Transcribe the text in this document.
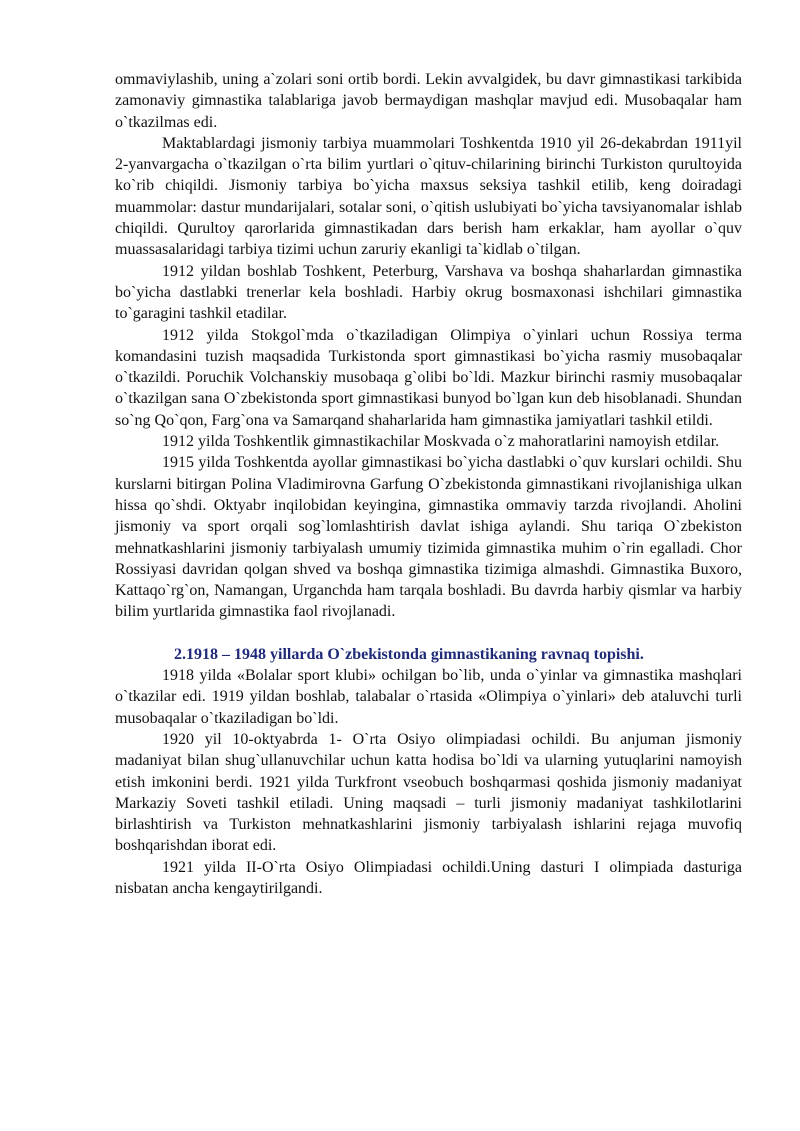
ommaviylashib, uning a`zolari soni ortib bordi. Lekin avvalgidek, bu davr gimnastikasi tarkibida zamonaviy gimnastika talablariga javob bermaydigan mashqlar mavjud edi. Musobaqalar ham o`tkazilmas edi.

Maktablardagi jismoniy tarbiya muammolari Toshkentda 1910 yil 26-dekabrdan 1911yil 2-yanvargacha o`tkazilgan o`rta bilim yurtlari o`qituv-chilarining birinchi Turkiston qurultoyida ko`rib chiqildi. Jismoniy tarbiya bo`yicha maxsus seksiya tashkil etilib, keng doiradagi muammolar: dastur mundarijalari, sotalar soni, o`qitish uslubiyati bo`yicha tavsiyanomalar ishlab chiqildi. Qurultoy qarorlarida gimnastikadan dars berish ham erkaklar, ham ayollar o`quv muassasalaridagi tarbiya tizimi uchun zaruriy ekanligi ta`kidlab o`tilgan.

1912 yildan boshlab Toshkent, Peterburg, Varshava va boshqa shaharlardan gimnastika bo`yicha dastlabki trenerlar kela boshladi. Harbiy okrug bosmaxonasi ishchilari gimnastika to`garagini tashkil etadilar.

1912 yilda Stokgol`mda o`tkaziladigan Olimpiya o`yinlari uchun Rossiya terma komandasini tuzish maqsadida Turkistonda sport gimnastikasi bo`yicha rasmiy musobaqalar o`tkazildi. Poruchik Volchanskiy musobaqa g`olibi bo`ldi. Mazkur birinchi rasmiy musobaqalar o`tkazilgan sana O`zbekistonda sport gimnastikasi bunyod bo`lgan kun deb hisoblanadi. Shundan so`ng Qo`qon, Farg`ona va Samarqand shaharlarida ham gimnastika jamiyatlari tashkil etildi.

1912 yilda Toshkentlik gimnastikachilar Moskvada o`z mahoratlarini namoyish etdilar.

1915 yilda Toshkentda ayollar gimnastikasi bo`yicha dastlabki o`quv kurslari ochildi. Shu kurslarni bitirgan Polina Vladimirovna Garfung O`zbekistonda gimnastikani rivojlanishiga ulkan hissa qo`shdi. Oktyabr inqilobidan keyingina, gimnastika ommaviy tarzda rivojlandi. Aholini jismoniy va sport orqali sog`lomlashtirish davlat ishiga aylandi. Shu tariqa O`zbekiston mehnatkashlarini jismoniy tarbiyalash umumiy tizimida gimnastika muhim o`rin egalladi. Chor Rossiyasi davridan qolgan shved va boshqa gimnastika tizimiga almashdi. Gimnastika Buxoro, Kattaqo`rg`on, Namangan, Urganchda ham tarqala boshladi. Bu davrda harbiy qismlar va harbiy bilim yurtlarida gimnastika faol rivojlanadi.

2.1918 – 1948 yillarda O`zbekistonda gimnastikaning ravnaq topishi.

1918 yilda «Bolalar sport klubi» ochilgan bo`lib, unda o`yinlar va gimnastika mashqlari o`tkazilar edi. 1919 yildan boshlab, talabalar o`rtasida «Olimpiya o`yinlari» deb ataluvchi turli musobaqalar o`tkaziladigan bo`ldi.

1920 yil 10-oktyabrda 1- O`rta Osiyo olimpiadasi ochildi. Bu anjuman jismoniy madaniyat bilan shug`ullanuvchilar uchun katta hodisa bo`ldi va ularning yutuqlarini namoyish etish imkonini berdi. 1921 yilda Turkfront vseobuch boshqarmasi qoshida jismoniy madaniyat Markaziy Soveti tashkil etiladi. Uning maqsadi – turli jismoniy madaniyat tashkilotlarini birlashtirish va Turkiston mehnatkashlarini jismoniy tarbiyalash ishlarini rejaga muvofiq boshqarishdan iborat edi.

1921 yilda II-O`rta Osiyo Olimpiadasi ochildi.Uning dasturi I olimpiada dasturiga nisbatan ancha kengaytirilgandi.
